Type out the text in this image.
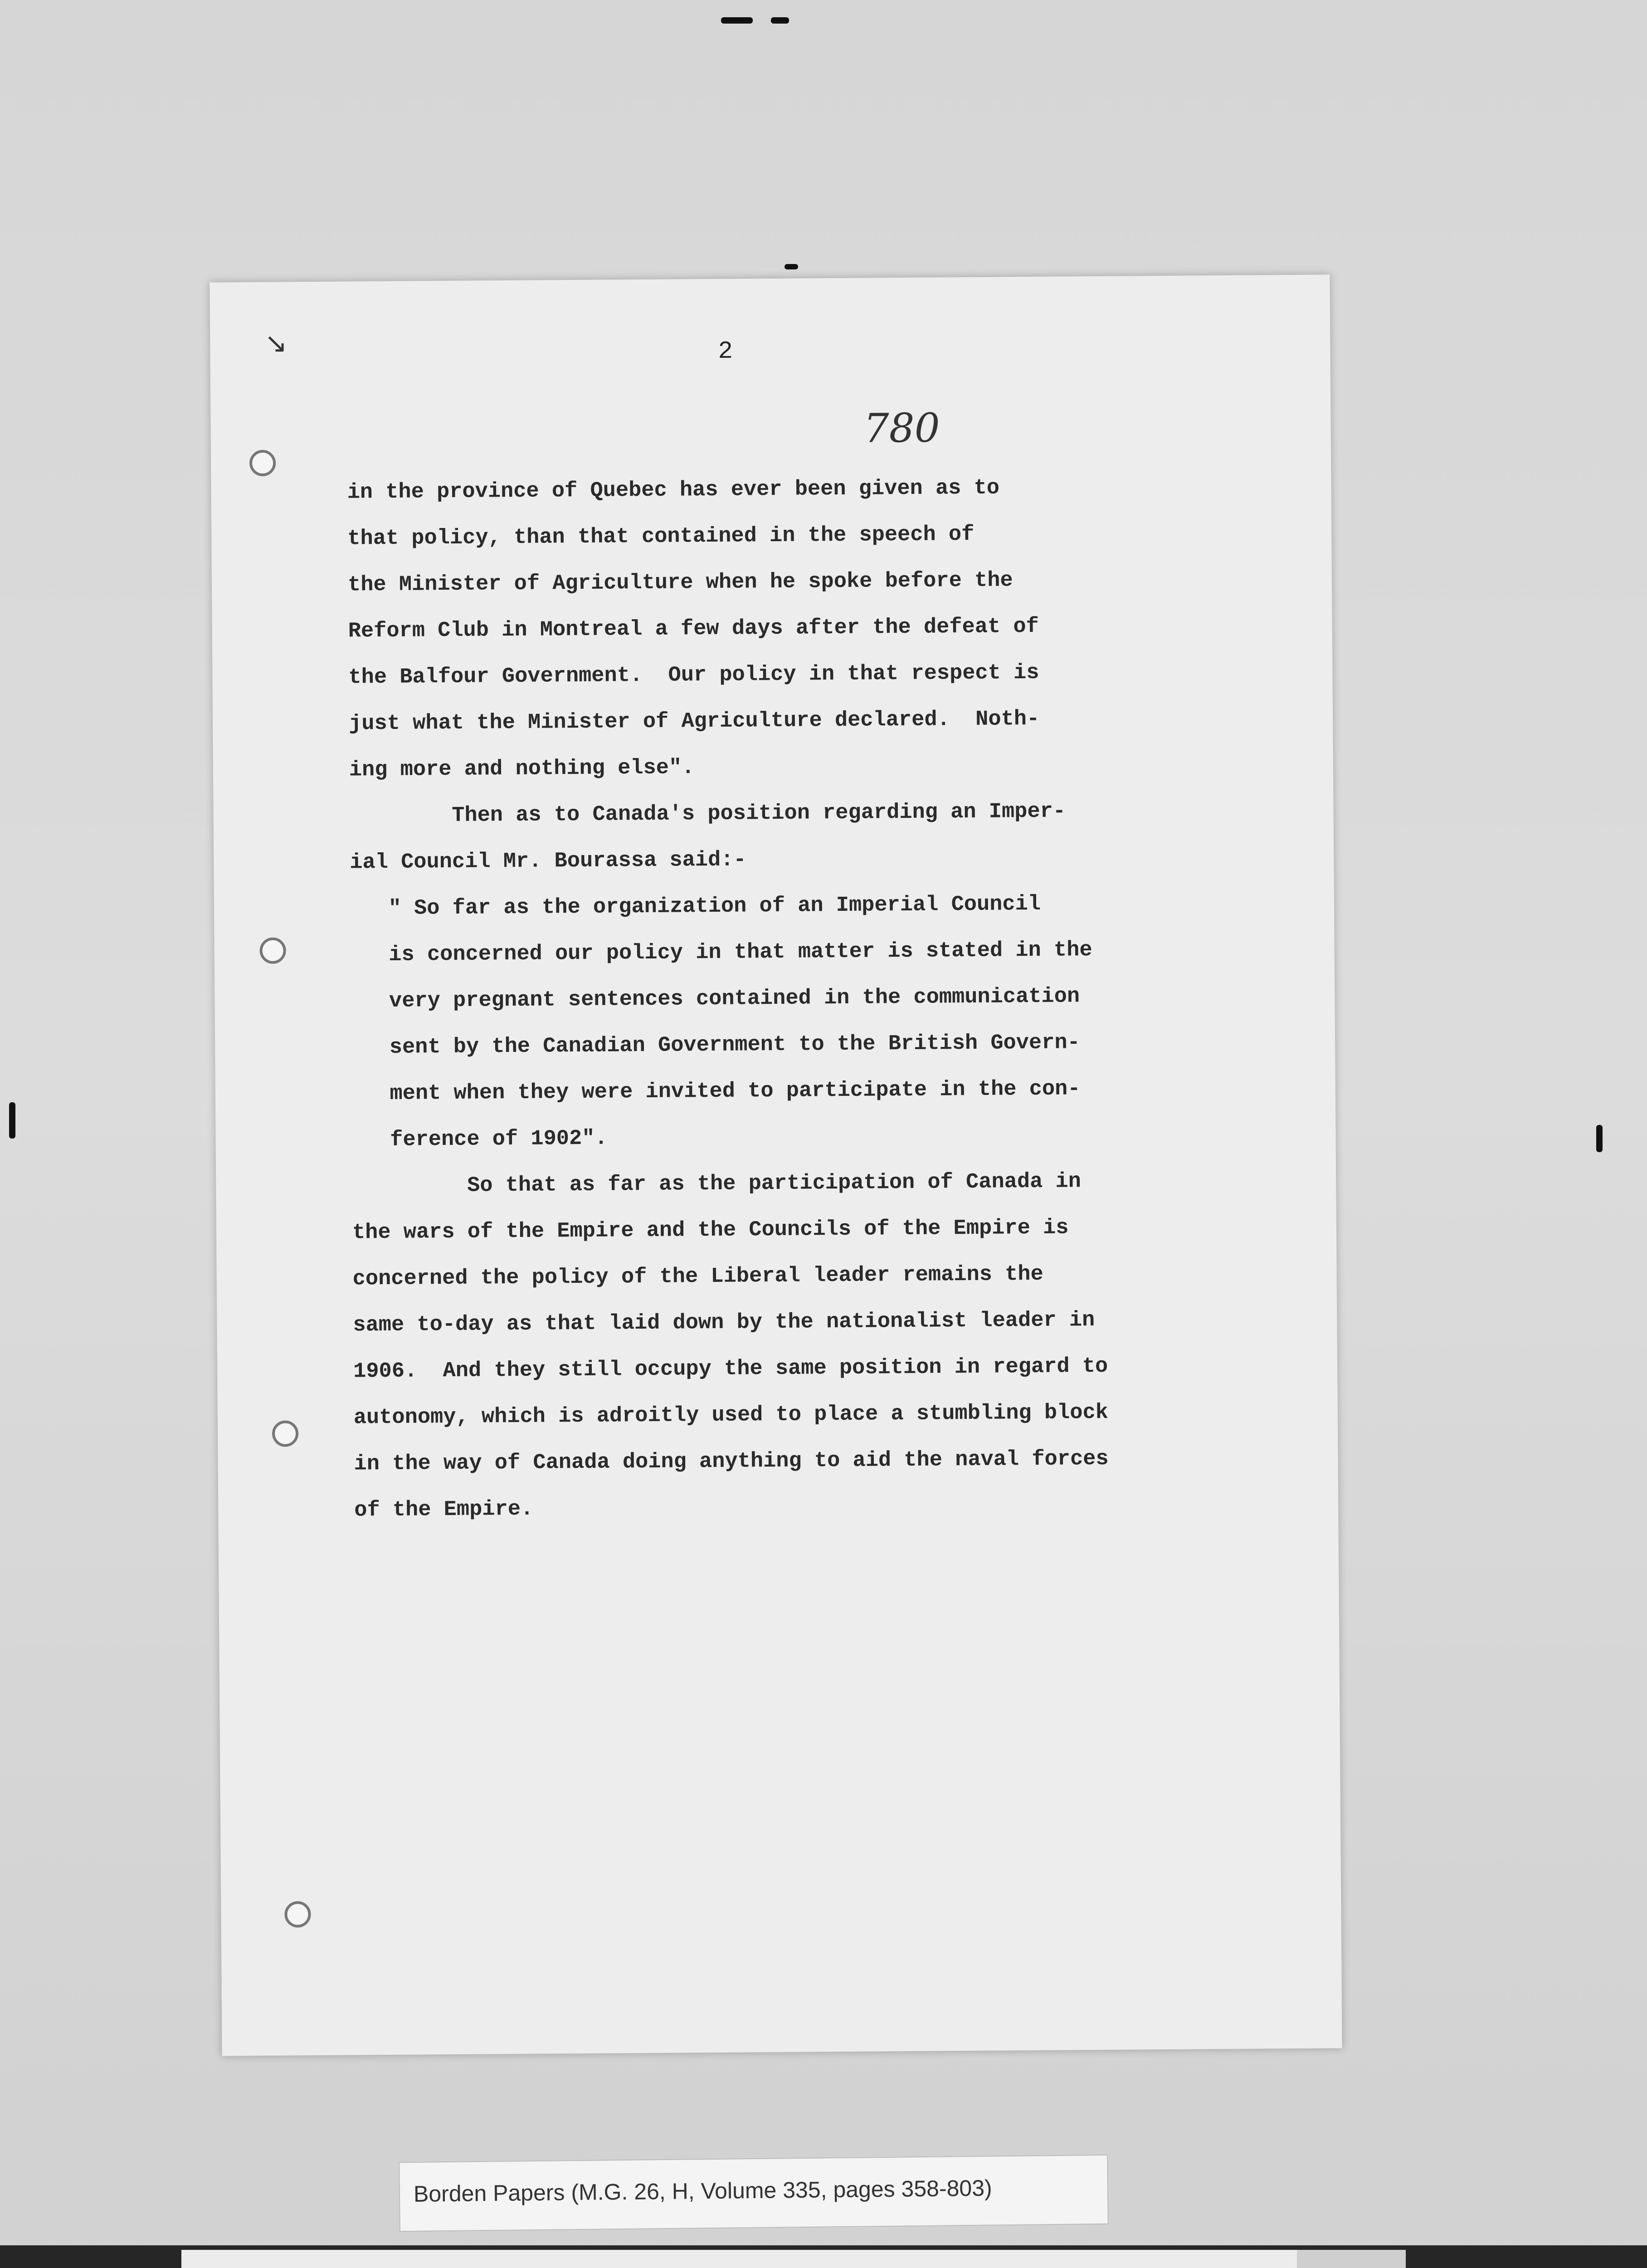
↘	2
780

in the province of Quebec has ever been given as to

that policy, than that contained in the speech of

the Minister of Agriculture when he spoke before the

Reform Club in Montreal a few days after the defeat of

the Balfour Government.  Our policy in that respect is

just what the Minister of Agriculture declared.  Noth-

ing more and nothing else".

Then as to Canada's position regarding an Imper-

ial Council Mr. Bourassa said:-

" So far as the organization of an Imperial Council

is concerned our policy in that matter is stated in the

very pregnant sentences contained in the communication

sent by the Canadian Government to the British Govern-

ment when they were invited to participate in the con-

ference of 1902".

So that as far as the participation of Canada in

the wars of the Empire and the Councils of the Empire is

concerned the policy of the Liberal leader remains the

same to-day as that laid down by the nationalist leader in

1906.  And they still occupy the same position in regard to

autonomy, which is adroitly used to place a stumbling block

in the way of Canada doing anything to aid the naval forces

of the Empire.

Borden Papers (M.G. 26, H, Volume 335, pages 358-803)
